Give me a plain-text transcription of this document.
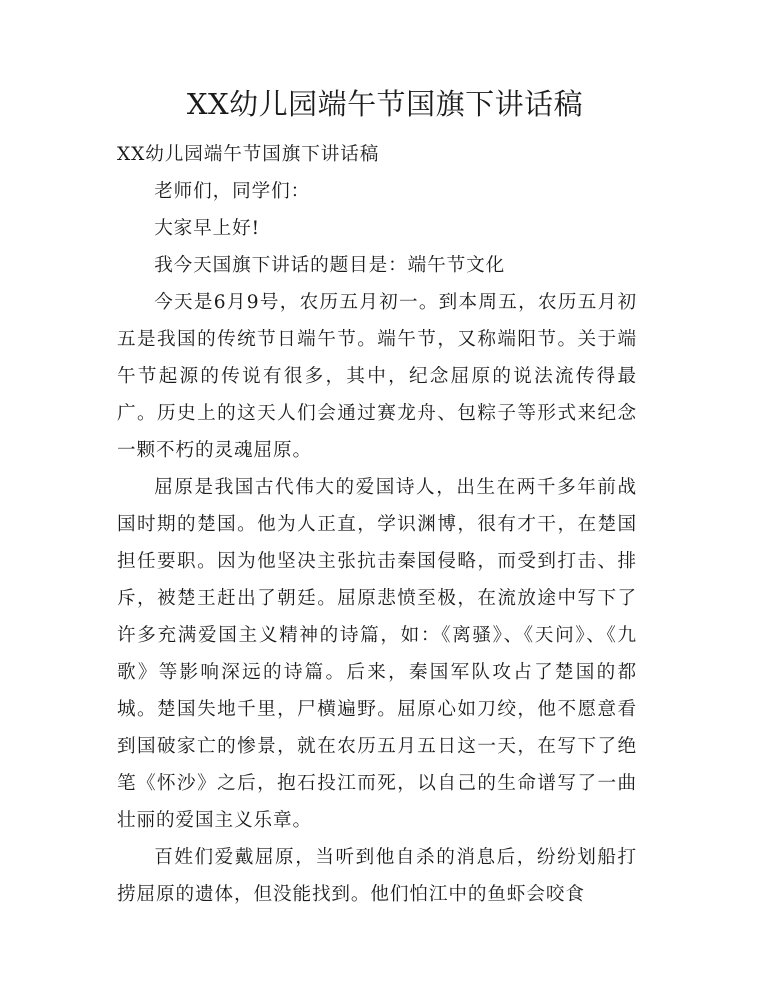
XX幼儿园端午节国旗下讲话稿

XX幼儿园端午节国旗下讲话稿

老师们，同学们：

大家早上好!

我今天国旗下讲话的题目是：端午节文化

今天是6月9号，农历五月初一。到本周五，农历五月初五是我国的传统节日端午节。端午节，又称端阳节。关于端午节起源的传说有很多，其中，纪念屈原的说法流传得最广。历史上的这天人们会通过赛龙舟、包粽子等形式来纪念一颗不朽的灵魂屈原。

屈原是我国古代伟大的爱国诗人，出生在两千多年前战国时期的楚国。他为人正直，学识渊博，很有才干，在楚国担任要职。因为他坚决主张抗击秦国侵略，而受到打击、排斥，被楚王赶出了朝廷。屈原悲愤至极，在流放途中写下了许多充满爱国主义精神的诗篇，如：《离骚》、《天问》、《九歌》等影响深远的诗篇。后来，秦国军队攻占了楚国的都城。楚国失地千里，尸横遍野。屈原心如刀绞，他不愿意看到国破家亡的惨景，就在农历五月五日这一天，在写下了绝笔《怀沙》之后，抱石投江而死，以自己的生命谱写了一曲壮丽的爱国主义乐章。

百姓们爱戴屈原，当听到他自杀的消息后，纷纷划船打捞屈原的遗体，但没能找到。他们怕江中的鱼虾会咬食
